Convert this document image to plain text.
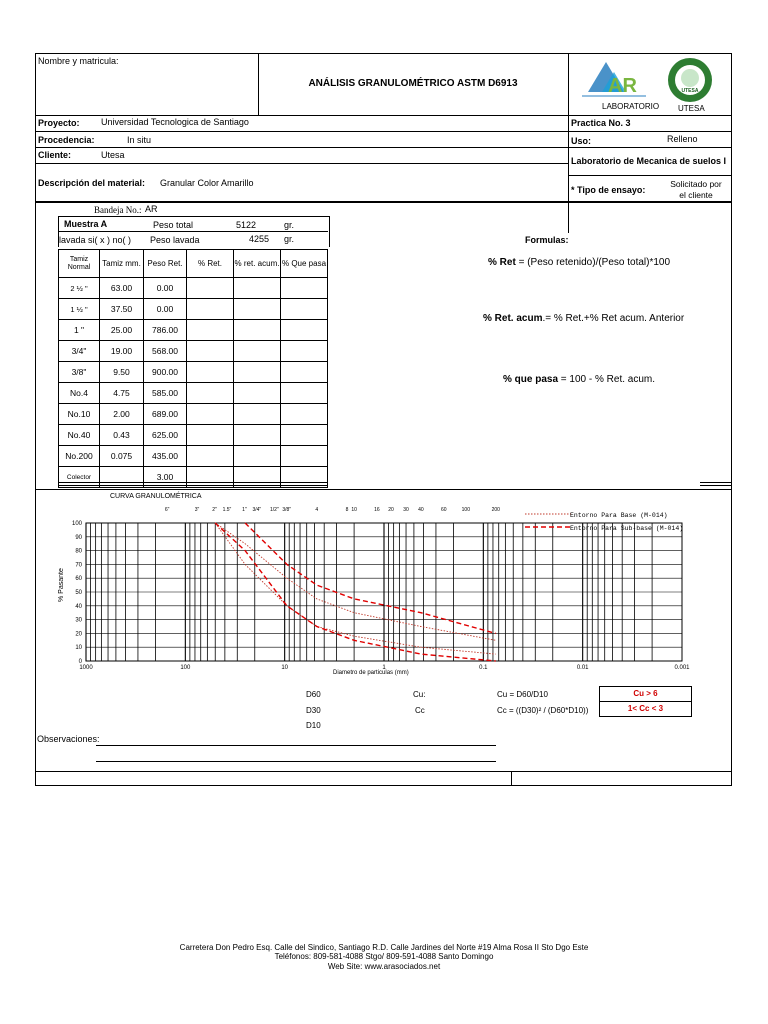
Nombre y matricula:
ANÁLISIS GRANULOMÉTRICO ASTM D6913	AR
LABORATORIO
UTESA
UTESA
Proyecto: Universidad Tecnologica de Santiago	Practica No. 3
Procedencia:	In situ	Uso:	Relleno
Cliente:	Utesa
Laboratorio de Mecanica de suelos I
Descripción del material: Granular Color Amarillo
* Tipo de ensayo:
Solicitado por
el cliente
Bandeja No.: AR
Muestra A	Peso total	5122	gr.
lavada si( x ) no( ) Peso lavada	4255 gr.
Tamiz Normal	Tamiz mm.	Peso Ret.	% Ret.	% ret. acum.	% Que pasa
2 ½ "	63.00	0.00			
1 ½ "	37.50	0.00			
1 "	25.00	786.00			
3/4"	19.00	568.00			
3/8"	9.50	900.00			
No.4	4.75	585.00			
No.10	2.00	689.00			
No.40	0.43	625.00			
No.200	0.075	435.00			
Colector		3.00			
Formulas:
% Ret = (Peso retenido)/(Peso total)*100
% Ret. acum.= % Ret.+% Ret acum. Anterior
% que pasa = 100 - % Ret. acum.
CURVA GRANULOMÉTRICA
0
10
20
30
40
50
60
70
80
90
100
1000	100	10	1	0.1	0.01	0.001
6"	3"	2" 1.5" 1" 3/4" 1/2" 3/8"	4	8 10	16 20 30 40	60	100	200
Diametro de particulas (mm)
% Pasante
Entorno Para Base (M-014)
Entorno Para Sub-base (M-014)
D60
D30
D10
Cu:
Cc
Cu = D60/D10
Cc = ((D30)² / (D60*D10))
Cu > 6
1< Cc < 3
Observaciones:
Carretera Don Pedro Esq. Calle del Sindico, Santiago R.D. Calle Jardines del Norte #19 Alma Rosa II Sto Dgo Este
Teléfonos: 809-581-4088 Stgo/ 809-591-4088 Santo Domingo
Web Site: www.arasociados.net
